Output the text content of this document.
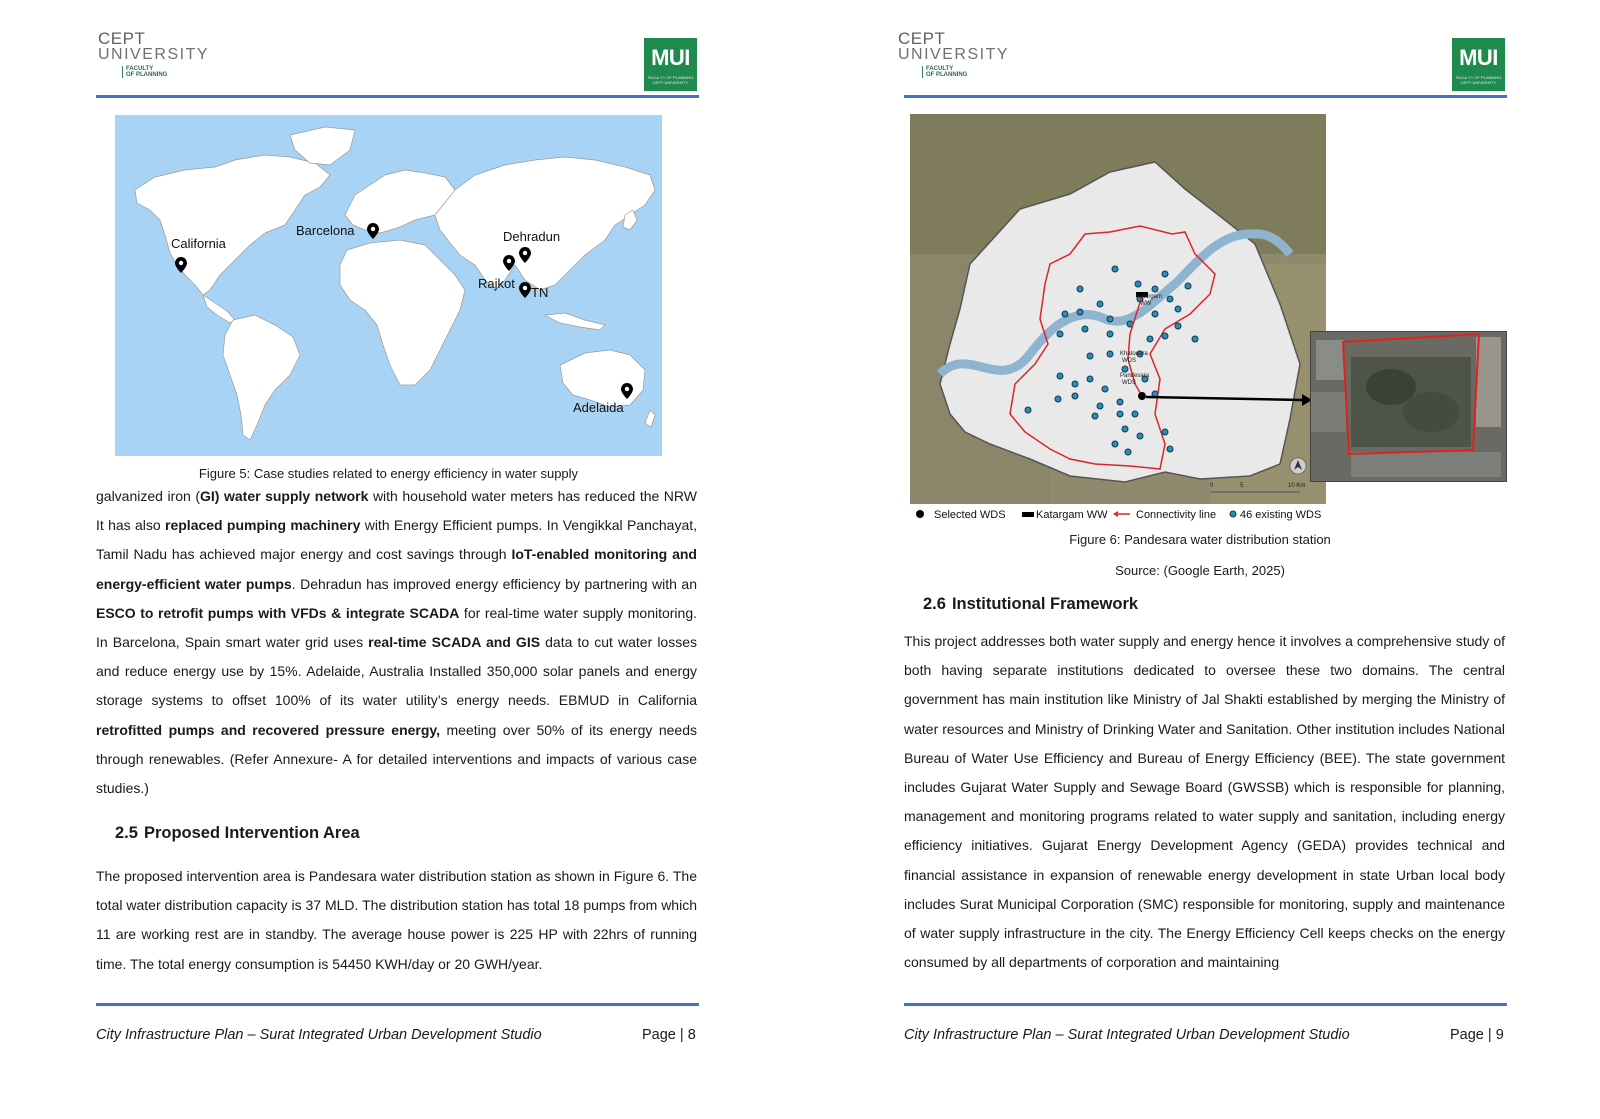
CEPT
UNIVERSITY
FACULTY
OF PLANNING
MUI
FACULTY OF PLANNING
CEPT UNIVERSITY
California
Barcelona	Dehradun
Rajkot
TN
Adelaida
Figure 5: Case studies related to energy efficiency in water supply

galvanized iron (GI) water supply network with household water meters has reduced the NRW It has also replaced pumping machinery with Energy Efficient pumps. In Vengikkal Panchayat, Tamil Nadu has achieved major energy and cost savings through IoT-enabled monitoring and energy-efficient water pumps. Dehradun has improved energy efficiency by partnering with an ESCO to retrofit pumps with VFDs & integrate SCADA for real-time water supply monitoring. In Barcelona, Spain smart water grid uses real-time SCADA and GIS data to cut water losses and reduce energy use by 15%. Adelaide, Australia Installed 350,000 solar panels and energy storage systems to offset 100% of its water utility’s energy needs. EBMUD in California retrofitted pumps and recovered pressure energy, meeting over 50% of its energy needs through renewables. (Refer Annexure- A for detailed interventions and impacts of various case studies.)

2.5 Proposed Intervention Area

The proposed intervention area is Pandesara water distribution station as shown in Figure 6. The total water distribution capacity is 37 MLD. The distribution station has total 18 pumps from which 11 are working rest are in standby. The average house power is 225 HP with 22hrs of running time. The total energy consumption is 54450 KWH/day or 20 GWH/year.

City Infrastructure Plan – Surat Integrated Urban Development Studio	Page | 8
CEPT
UNIVERSITY
FACULTY
OF PLANNING
MUI
FACULTY OF PLANNING
CEPT UNIVERSITY
Katargam
WW
Khatodara
WDS
Pandesara
WDS
0	5	10 Km
Selected WDS	Katargam WW	Connectivity line 46 existing WDS
Figure 6: Pandesara water distribution station
Source: (Google Earth, 2025)
2.6 Institutional Framework

This project addresses both water supply and energy hence it involves a comprehensive study of both having separate institutions dedicated to oversee these two domains. The central government has main institution like Ministry of Jal Shakti established by merging the Ministry of water resources and Ministry of Drinking Water and Sanitation. Other institution includes National Bureau of Water Use Efficiency and Bureau of Energy Efficiency (BEE). The state government includes Gujarat Water Supply and Sewage Board (GWSSB) which is responsible for planning, management and monitoring programs related to water supply and sanitation, including energy efficiency initiatives. Gujarat Energy Development Agency (GEDA) provides technical and financial assistance in expansion of renewable energy development in state Urban local body includes Surat Municipal Corporation (SMC) responsible for monitoring, supply and maintenance of water supply infrastructure in the city. The Energy Efficiency Cell keeps checks on the energy consumed by all departments of corporation and maintaining

City Infrastructure Plan – Surat Integrated Urban Development Studio	Page | 9
